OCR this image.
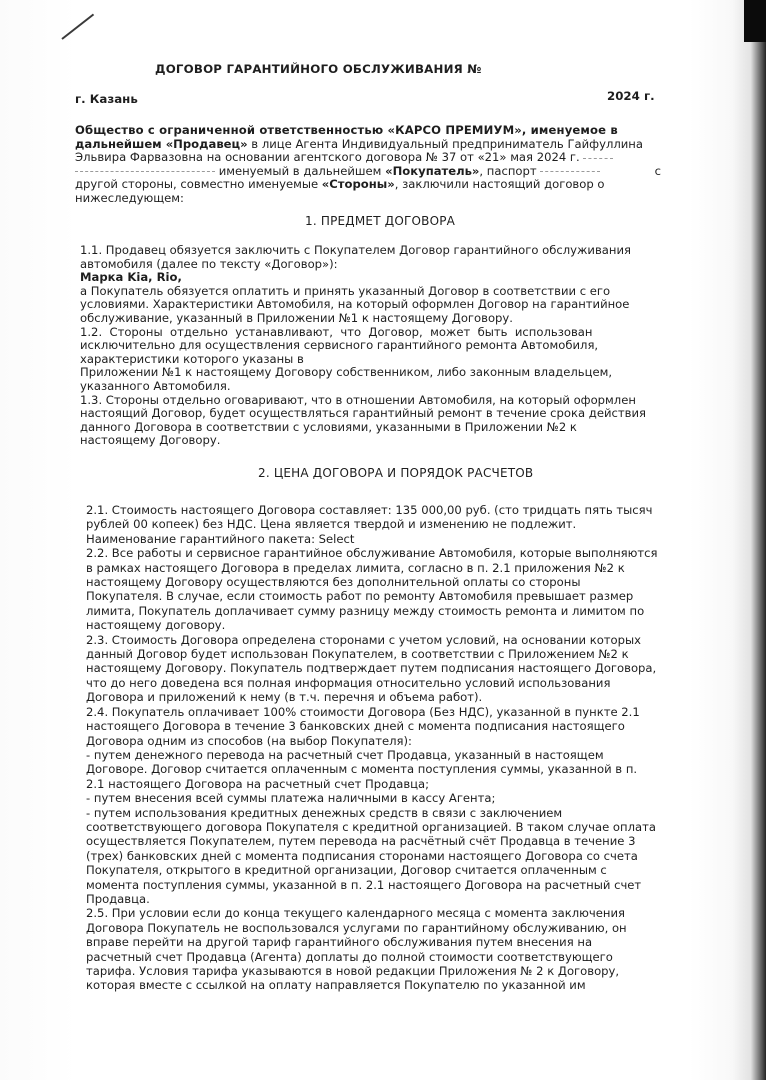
ДОГОВОР ГАРАНТИЙНОГО ОБСЛУЖИВАНИЯ №
г. Казань	2024 г.
Общество с ограниченной ответственностью «КАРСО ПРЕМИУМ», именуемое в
дальнейшем «Продавец» в лице Агента Индивидуальный предприниматель Гайфуллина
Эльвира Фарвазовна на основании агентского договора № 37 от «21» мая 2024 г.
именуемый в дальнейшем «Покупатель», паспорт	с
другой стороны, совместно именуемые «Стороны», заключили настоящий договор о
нижеследующем:
1. ПРЕДМЕТ ДОГОВОРА
1.1. Продавец обязуется заключить с Покупателем Договор гарантийного обслуживания
автомобиля (далее по тексту «Договор»):
Марка Kia, Rio,
а Покупатель обязуется оплатить и принять указанный Договор в соответствии с его
условиями. Характеристики Автомобиля, на который оформлен Договор на гарантийное
обслуживание, указанный в Приложении №1 к настоящему Договору.
1.2.  Стороны  отдельно  устанавливают,  что  Договор,  может  быть  использован
исключительно для осуществления сервисного гарантийного ремонта Автомобиля,
характеристики которого указаны в
Приложении №1 к настоящему Договору собственником, либо законным владельцем,
указанного Автомобиля.
1.3. Стороны отдельно оговаривают, что в отношении Автомобиля, на который оформлен
настоящий Договор, будет осуществляться гарантийный ремонт в течение срока действия
данного Договора в соответствии с условиями, указанными в Приложении №2 к
настоящему Договору.
2. ЦЕНА ДОГОВОРА И ПОРЯДОК РАСЧЕТОВ
2.1. Стоимость настоящего Договора составляет: 135 000,00 руб. (сто тридцать пять тысяч
рублей 00 копеек) без НДС. Цена является твердой и изменению не подлежит.
Наименование гарантийного пакета: Select
2.2. Все работы и сервисное гарантийное обслуживание Автомобиля, которые выполняются
в рамках настоящего Договора в пределах лимита, согласно в п. 2.1 приложения №2 к
настоящему Договору осуществляются без дополнительной оплаты со стороны
Покупателя. В случае, если стоимость работ по ремонту Автомобиля превышает размер
лимита, Покупатель доплачивает сумму разницу между стоимость ремонта и лимитом по
настоящему договору.
2.3. Стоимость Договора определена сторонами с учетом условий, на основании которых
данный Договор будет использован Покупателем, в соответствии с Приложением №2 к
настоящему Договору. Покупатель подтверждает путем подписания настоящего Договора,
что до него доведена вся полная информация относительно условий использования
Договора и приложений к нему (в т.ч. перечня и объема работ).
2.4. Покупатель оплачивает 100% стоимости Договора (Без НДС), указанной в пункте 2.1
настоящего Договора в течение 3 банковских дней с момента подписания настоящего
Договора одним из способов (на выбор Покупателя):
- путем денежного перевода на расчетный счет Продавца, указанный в настоящем
Договоре. Договор считается оплаченным с момента поступления суммы, указанной в п.
2.1 настоящего Договора на расчетный счет Продавца;
- путем внесения всей суммы платежа наличными в кассу Агента;
- путем использования кредитных денежных средств в связи с заключением
соответствующего договора Покупателя с кредитной организацией. В таком случае оплата
осуществляется Покупателем, путем перевода на расчётный счёт Продавца в течение 3
(трех) банковских дней с момента подписания сторонами настоящего Договора со счета
Покупателя, открытого в кредитной организации, Договор считается оплаченным с
момента поступления суммы, указанной в п. 2.1 настоящего Договора на расчетный счет
Продавца.
2.5. При условии если до конца текущего календарного месяца с момента заключения
Договора Покупатель не воспользовался услугами по гарантийному обслуживанию, он
вправе перейти на другой тариф гарантийного обслуживания путем внесения на
расчетный счет Продавца (Агента) доплаты до полной стоимости соответствующего
тарифа. Условия тарифа указываются в новой редакции Приложения № 2 к Договору,
которая вместе с ссылкой на оплату направляется Покупателю по указанной им
